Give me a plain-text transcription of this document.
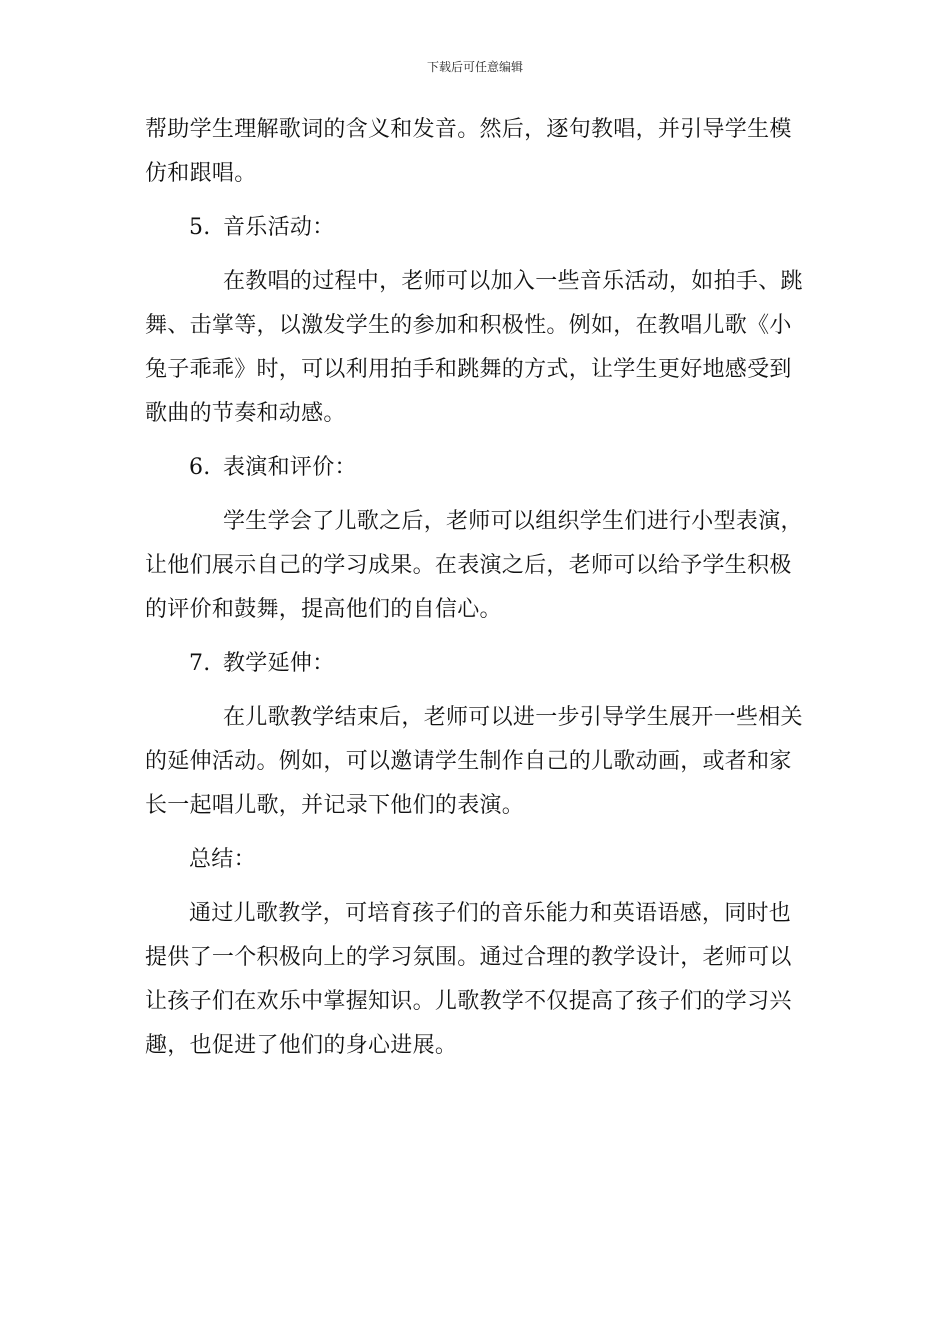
下载后可任意编辑
帮助学生理解歌词的含义和发音。然后，逐句教唱，并引导学生模
仿和跟唱。
5. 音乐活动：
在教唱的过程中，老师可以加入一些音乐活动，如拍手、跳
舞、击掌等，以激发学生的参加和积极性。例如，在教唱儿歌《小
兔子乖乖》时，可以利用拍手和跳舞的方式，让学生更好地感受到
歌曲的节奏和动感。
6. 表演和评价：
学生学会了儿歌之后，老师可以组织学生们进行小型表演，
让他们展示自己的学习成果。在表演之后，老师可以给予学生积极
的评价和鼓舞，提高他们的自信心。
7. 教学延伸：
在儿歌教学结束后，老师可以进一步引导学生展开一些相关
的延伸活动。例如，可以邀请学生制作自己的儿歌动画，或者和家
长一起唱儿歌，并记录下他们的表演。
总结：
通过儿歌教学，可培育孩子们的音乐能力和英语语感，同时也
提供了一个积极向上的学习氛围。通过合理的教学设计，老师可以
让孩子们在欢乐中掌握知识。儿歌教学不仅提高了孩子们的学习兴
趣，也促进了他们的身心进展。
